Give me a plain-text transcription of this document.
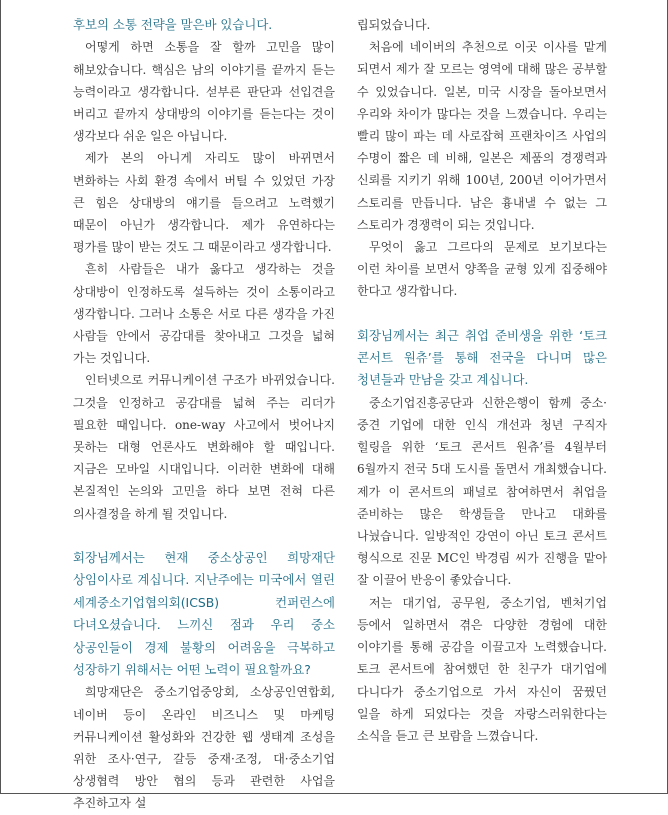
후보의 소통 전략을 말은바 있습니다.

어떻게 하면 소통을 잘 할까 고민을 많이 해보았습니다. 핵심은 남의 이야기를 끝까지 듣는 능력이라고 생각합니다. 섣부른 판단과 선입견을 버리고 끝까지 상대방의 이야기를 듣는다는 것이 생각보다 쉬운 일은 아닙니다.

제가 본의 아니게 자리도 많이 바뀌면서 변화하는 사회 환경 속에서 버틸 수 있었던 가장 큰 힘은 상대방의 얘기를 들으려고 노력했기 때문이 아닌가 생각합니다. 제가 유연하다는 평가를 많이 받는 것도 그 때문이라고 생각합니다.

흔히 사람들은 내가 옳다고 생각하는 것을 상대방이 인정하도록 설득하는 것이 소통이라고 생각합니다. 그러나 소통은 서로 다른 생각을 가진 사람들 안에서 공감대를 찾아내고 그것을 넓혀 가는 것입니다.

인터넷으로 커뮤니케이션 구조가 바뀌었습니다. 그것을 인정하고 공감대를 넓혀 주는 리더가 필요한 때입니다. one-way 사고에서 벗어나지 못하는 대형 언론사도 변화해야 할 때입니다. 지금은 모바일 시대입니다. 이러한 변화에 대해 본질적인 논의와 고민을 하다 보면 전혀 다른 의사결정을 하게 될 것입니다.

회장님께서는 현재 중소상공인 희망재단 상임이사로 계십니다. 지난주에는 미국에서 열린 세계중소기업협의회(ICSB) 컨퍼런스에 다녀오셨습니다. 느끼신 점과 우리 중소 상공인들이 경제 불황의 어려움을 극복하고 성장하기 위해서는 어떤 노력이 필요할까요?

희망재단은 중소기업중앙회, 소상공인연합회, 네이버 등이 온라인 비즈니스 및 마케팅 커뮤니케이션 활성화와 건강한 웹 생태계 조성을 위한 조사·연구, 갈등 중재·조정, 대·중소기업 상생협력 방안 협의 등과 관련한 사업을 추진하고자 설

립되었습니다.

처음에 네이버의 추천으로 이곳 이사를 맡게 되면서 제가 잘 모르는 영역에 대해 많은 공부할 수 있었습니다. 일본, 미국 시장을 돌아보면서 우리와 차이가 많다는 것을 느꼈습니다. 우리는 빨리 많이 파는 데 사로잡혀 프랜차이즈 사업의 수명이 짧은 데 비해, 일본은 제품의 경쟁력과 신뢰를 지키기 위해 100년, 200년 이어가면서 스토리를 만듭니다. 남은 흉내낼 수 없는 그 스토리가 경쟁력이 되는 것입니다.

무엇이 옳고 그르다의 문제로 보기보다는 이런 차이를 보면서 양쪽을 균형 있게 집중해야 한다고 생각합니다.

회장님께서는 최근 취업 준비생을 위한 ‘토크 콘서트 원츄’를 통해 전국을 다니며 많은 청년들과 만남을 갖고 계십니다.

중소기업진흥공단과 신한은행이 함께 중소·중견 기업에 대한 인식 개선과 청년 구직자 힐링을 위한 ‘토크 콘서트 원츄’를 4월부터 6월까지 전국 5대 도시를 돌면서 개최했습니다. 제가 이 콘서트의 패널로 참여하면서 취업을 준비하는 많은 학생들을 만나고 대화를 나눴습니다. 일방적인 강연이 아닌 토크 콘서트 형식으로 진문 MC인 박경림 씨가 진행을 맡아 잘 이끌어 반응이 좋았습니다.

저는 대기업, 공무원, 중소기업, 벤처기업 등에서 일하면서 겪은 다양한 경험에 대한 이야기를 통해 공감을 이끌고자 노력했습니다. 토크 콘서트에 참여했던 한 친구가 대기업에 다니다가 중소기업으로 가서 자신이 꿈꿨던 일을 하게 되었다는 것을 자랑스러워한다는 소식을 듣고 큰 보람을 느꼈습니다.
